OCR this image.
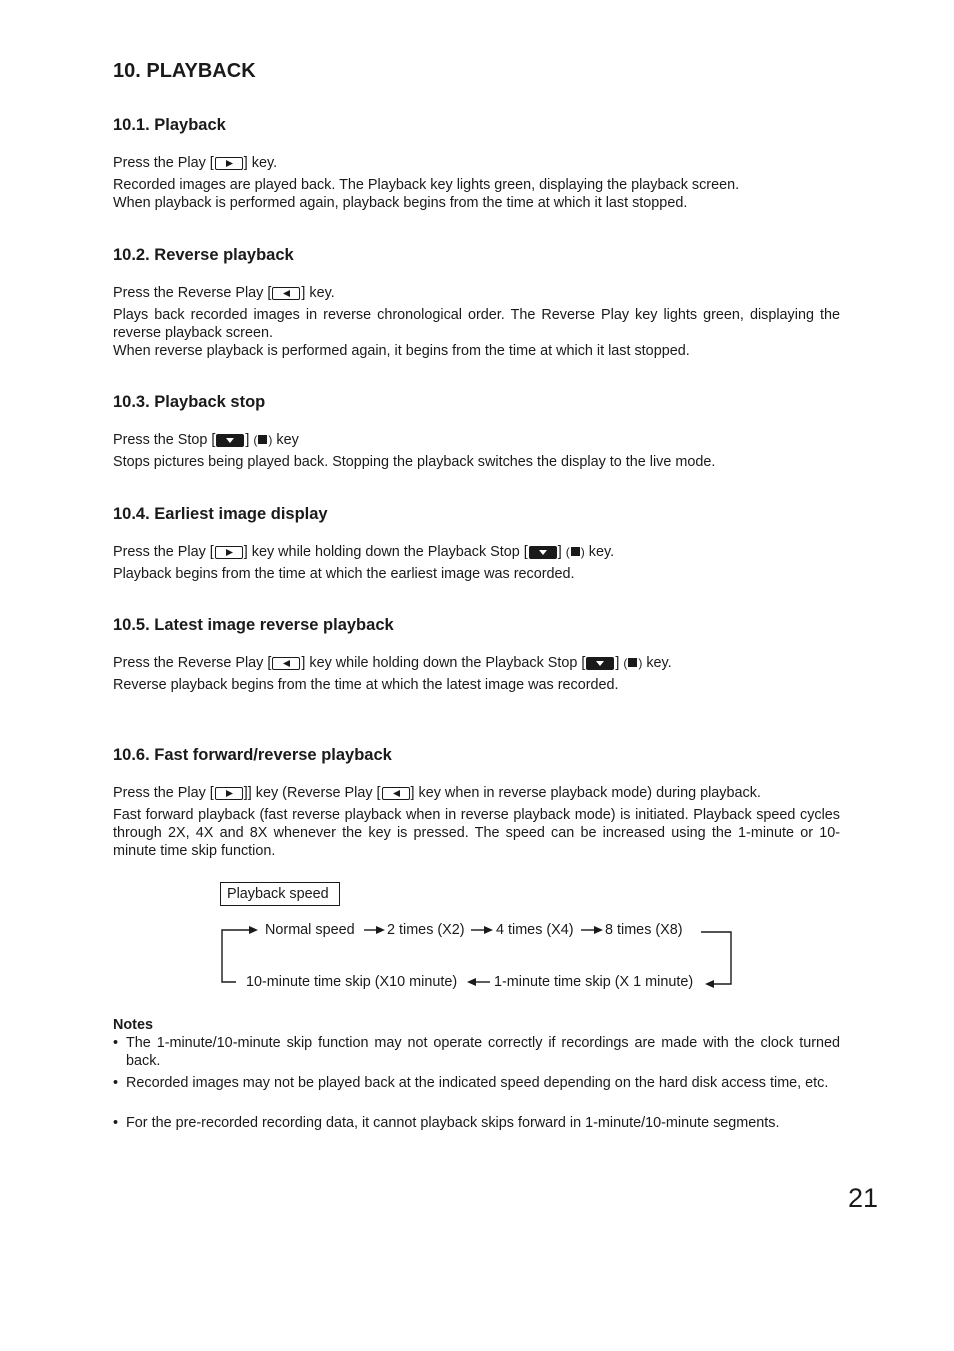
10. PLAYBACK
10.1. Playback
Press the Play [ ] key.
Recorded images are played back. The Playback key lights green, displaying the playback screen.
When playback is performed again, playback begins from the time at which it last stopped.
10.2. Reverse playback
Press the Reverse Play [ ] key.
Plays back recorded images in reverse chronological order. The Reverse Play key lights green, displaying the reverse playback screen.
When reverse playback is performed again, it begins from the time at which it last stopped.
10.3. Playback stop
Press the Stop [ ] ( ) key
Stops pictures being played back. Stopping the playback switches the display to the live mode.
10.4. Earliest image display
Press the Play [ ] key while holding down the Playback Stop [ ] ( ) key.
Playback begins from the time at which the earliest image was recorded.
10.5. Latest image reverse playback
Press the Reverse Play [ ] key while holding down the Playback Stop [ ] ( ) key.
Reverse playback begins from the time at which the latest image was recorded.
10.6. Fast forward/reverse playback
Press the Play [ ]] key (Reverse Play [ ] key when in reverse playback mode) during playback.
Fast forward playback (fast reverse playback when in reverse playback mode) is initiated. Playback speed cycles through 2X, 4X and 8X whenever the key is pressed. The speed can be increased using the 1-minute or 10-minute time skip function.
Playback speed
Normal speed 2 times (X2) 4 times (X4) 8 times (X8)
10-minute time skip (X10 minute)	1-minute time skip (X 1 minute)
Notes
• The 1-minute/10-minute skip function may not operate correctly if recordings are made with the clock turned back.
• Recorded images may not be played back at the indicated speed depending on the hard disk access time, etc.
• For the pre-recorded recording data, it cannot playback skips forward in 1-minute/10-minute segments.
21
